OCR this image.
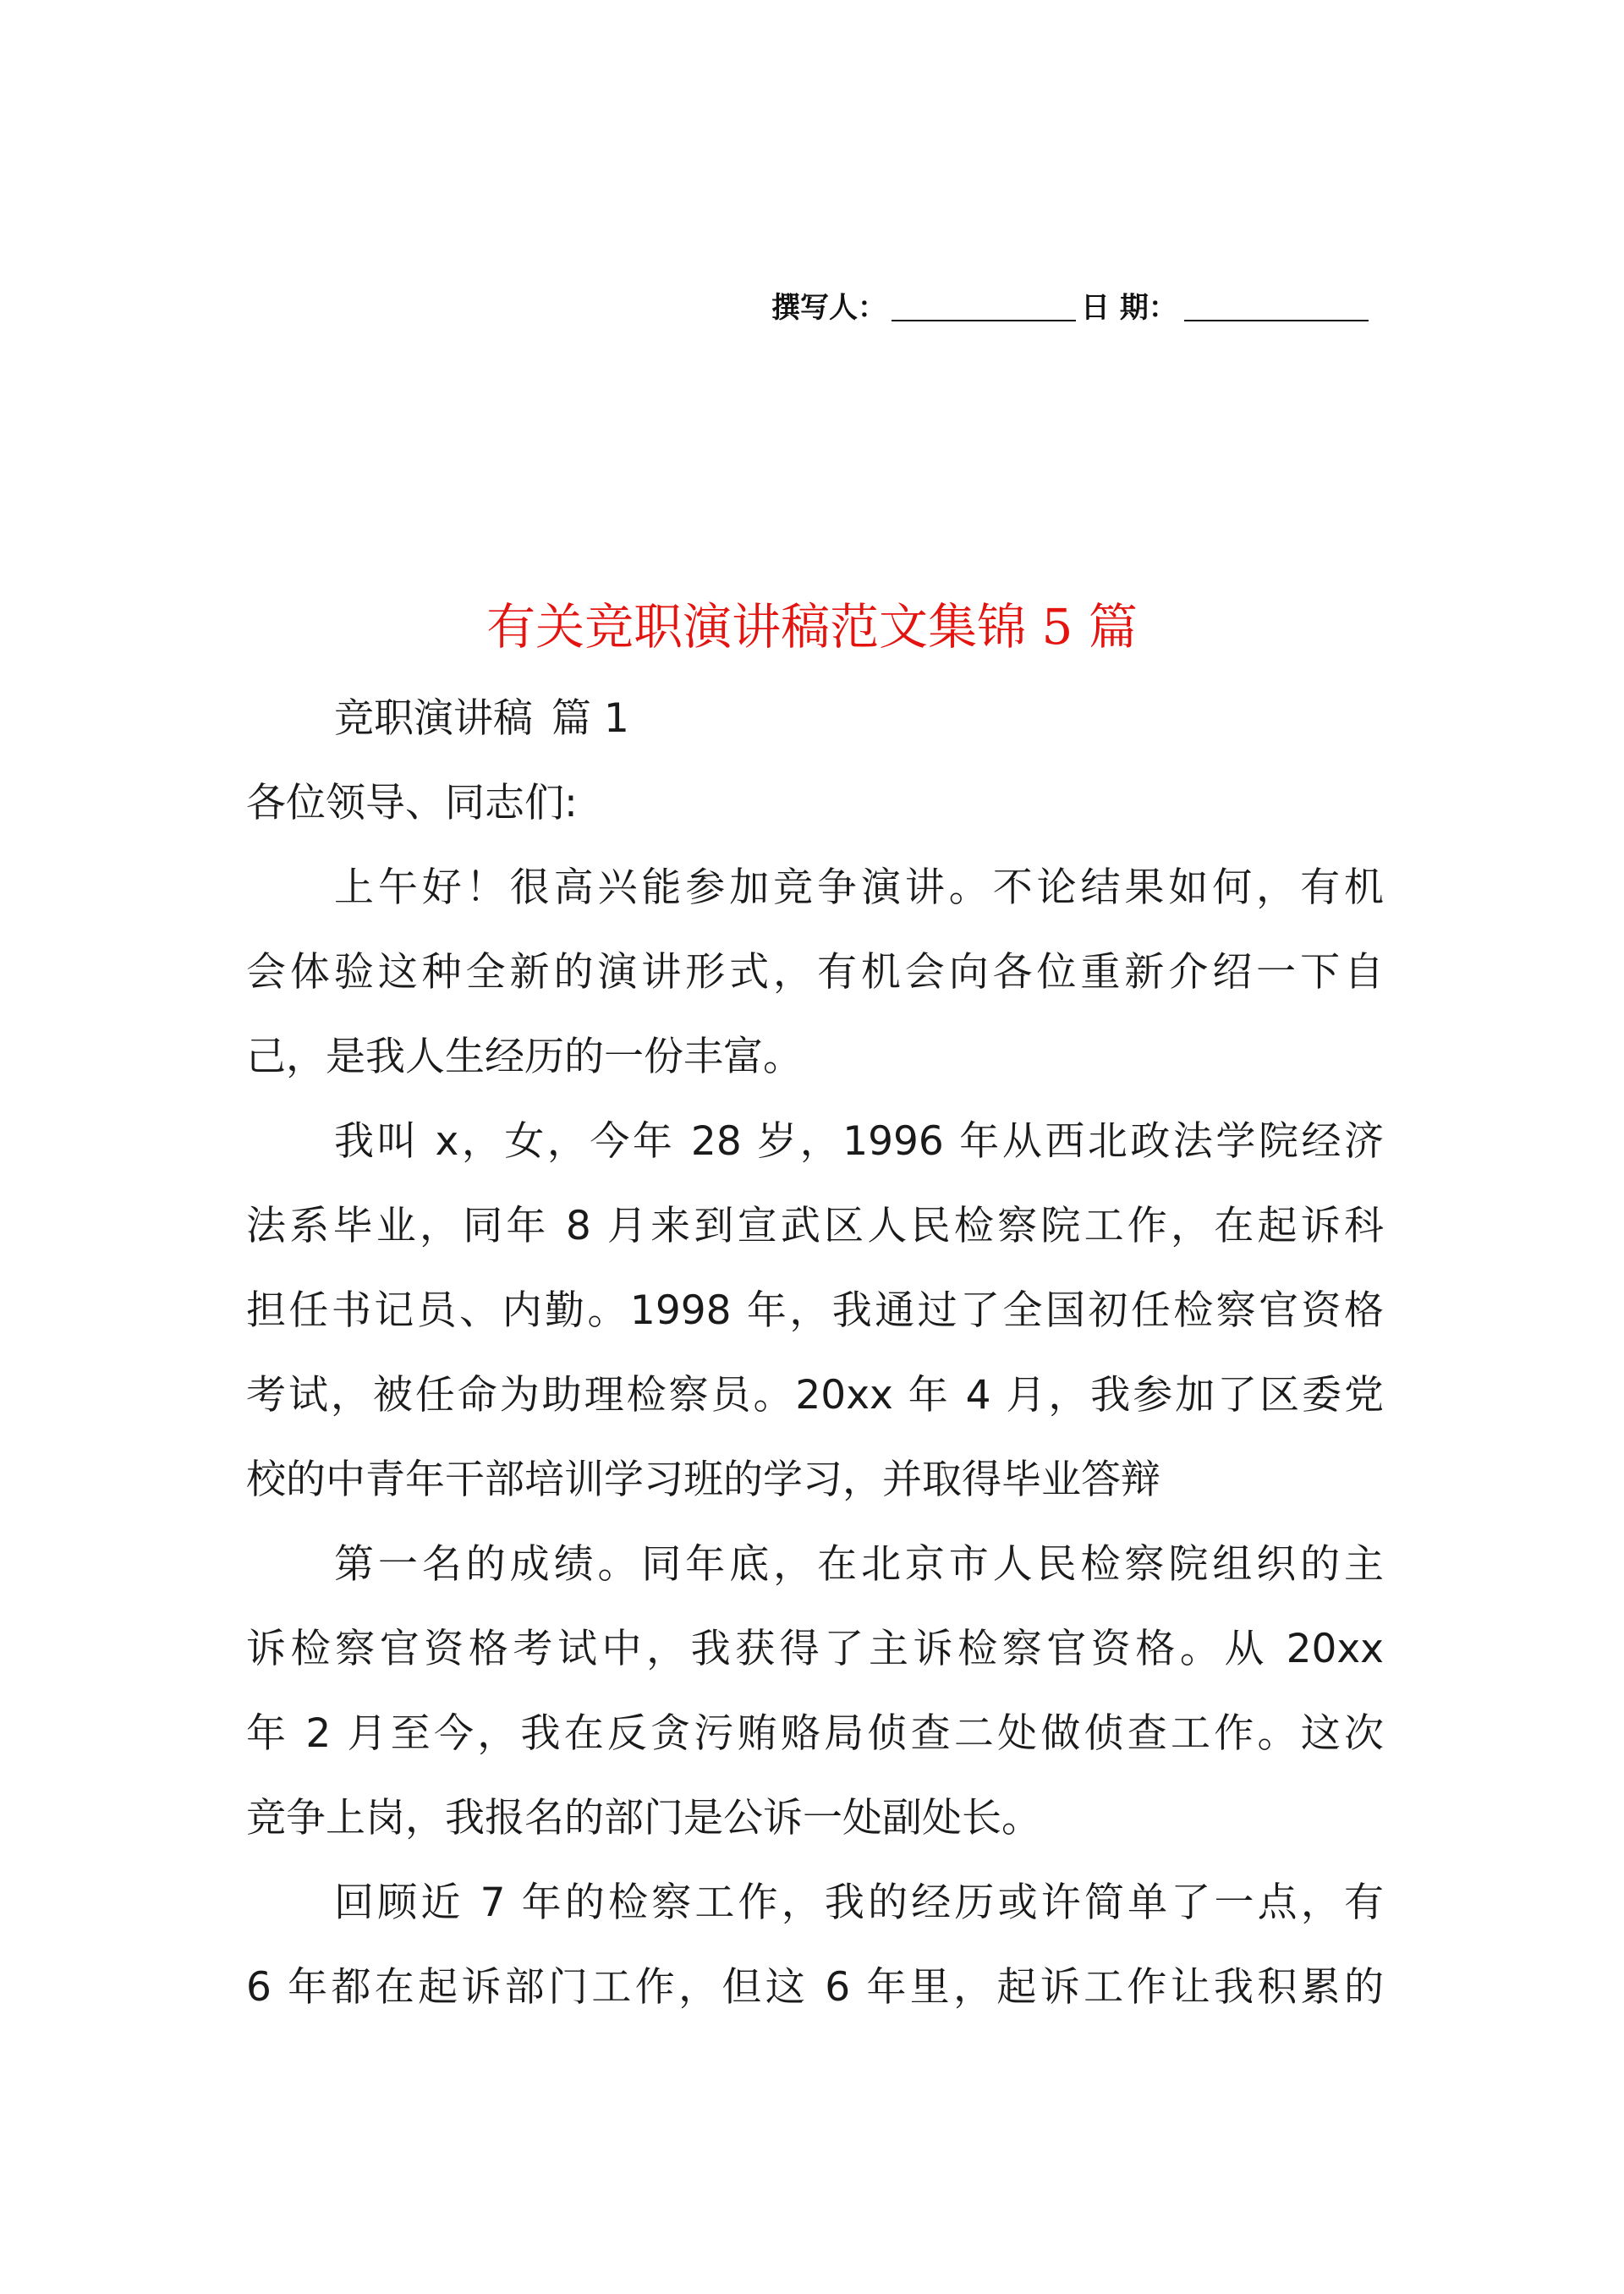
撰写人：	日 期：
有关竞职演讲稿范文集锦 5 篇
竞职演讲稿 篇 1
各位领导、同志们:
上午好！很高兴能参加竞争演讲。不论结果如何，有机
会体验这种全新的演讲形式，有机会向各位重新介绍一下自
己，是我人生经历的一份丰富。
我叫 x，女，今年 28 岁，1996 年从西北政法学院经济
法系毕业，同年 8 月来到宣武区人民检察院工作，在起诉科
担任书记员、内勤。1998 年，我通过了全国初任检察官资格
考试，被任命为助理检察员。20xx 年 4 月，我参加了区委党
校的中青年干部培训学习班的学习，并取得毕业答辩
第一名的成绩。同年底，在北京市人民检察院组织的主
诉检察官资格考试中，我获得了主诉检察官资格。从 20xx
年 2 月至今，我在反贪污贿赂局侦查二处做侦查工作。这次
竞争上岗，我报名的部门是公诉一处副处长。
回顾近 7 年的检察工作，我的经历或许简单了一点，有
6 年都在起诉部门工作，但这 6 年里，起诉工作让我积累的
